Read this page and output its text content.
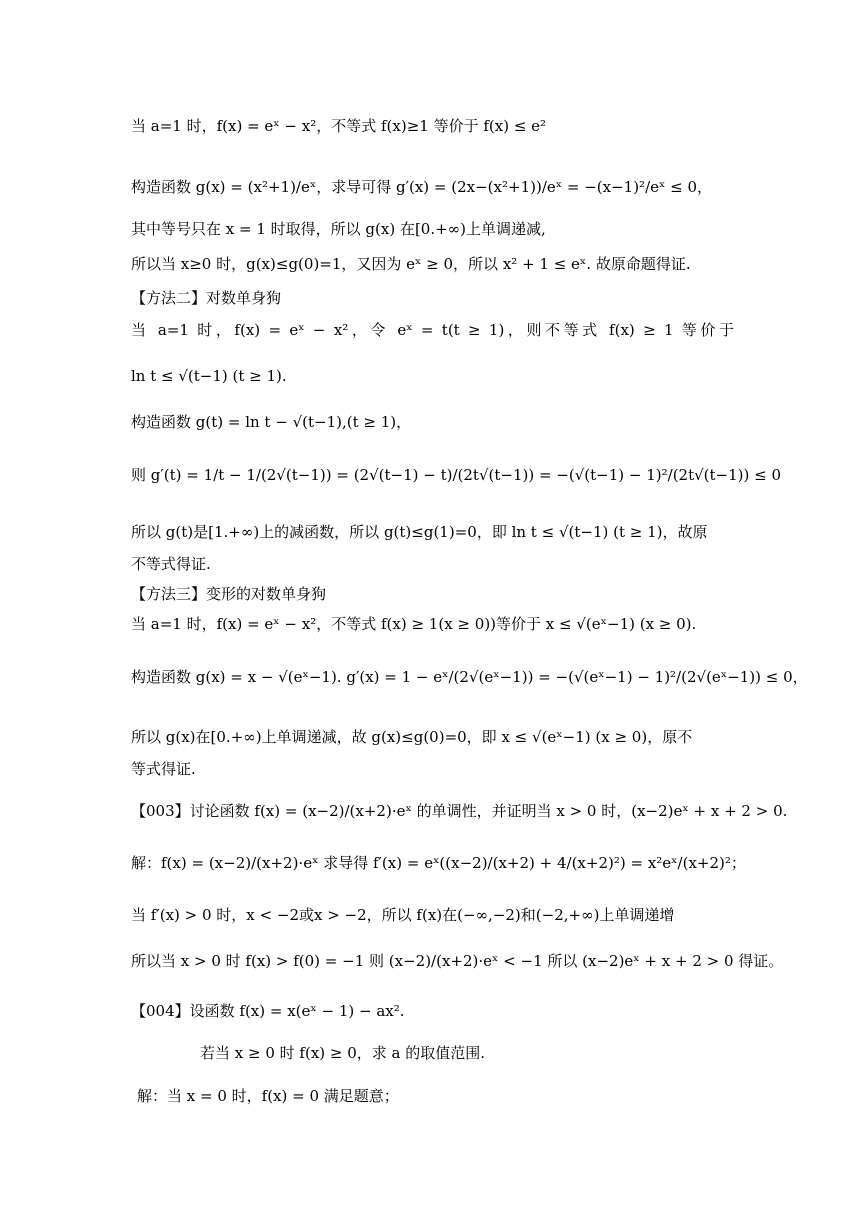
当 a=1 时，f(x) = eˣ − x²，不等式 f(x)≥1 等价于 f(x) ≤ e²
构造函数 g(x) = (x²+1)/eˣ，求导可得 g′(x) = (2x−(x²+1))/eˣ = −(x−1)²/eˣ ≤ 0，
其中等号只在 x = 1 时取得，所以 g(x) 在[0.+∞)上单调递减,
所以当 x≥0 时，g(x)≤g(0)=1，又因为 eˣ ≥ 0，所以 x² + 1 ≤ eˣ. 故原命题得证.
【方法二】对数单身狗
当 a=1 时，f(x) = eˣ − x²，令 eˣ = t(t ≥ 1)，则不等式 f(x) ≥ 1 等价于
ln t ≤ √(t−1) (t ≥ 1).
构造函数 g(t) = ln t − √(t−1),(t ≥ 1)，
则 g′(t) = 1/t − 1/(2√(t−1)) = (2√(t−1) − t)/(2t√(t−1)) = −(√(t−1) − 1)²/(2t√(t−1)) ≤ 0
所以 g(t)是[1.+∞)上的减函数，所以 g(t)≤g(1)=0，即 ln t ≤ √(t−1) (t ≥ 1)，故原
不等式得证.
【方法三】变形的对数单身狗
当 a=1 时，f(x) = eˣ − x²，不等式 f(x) ≥ 1(x ≥ 0))等价于 x ≤ √(eˣ−1) (x ≥ 0).
构造函数 g(x) = x − √(eˣ−1). g′(x) = 1 − eˣ/(2√(eˣ−1)) = −(√(eˣ−1) − 1)²/(2√(eˣ−1)) ≤ 0，
所以 g(x)在[0.+∞)上单调递减，故 g(x)≤g(0)=0，即 x ≤ √(eˣ−1) (x ≥ 0)，原不
等式得证.
【003】讨论函数 f(x) = (x−2)/(x+2)·eˣ 的单调性，并证明当 x > 0 时，(x−2)eˣ + x + 2 > 0.
解：f(x) = (x−2)/(x+2)·eˣ 求导得 f′(x) = eˣ((x−2)/(x+2) + 4/(x+2)²) = x²eˣ/(x+2)²；
当 f′(x) > 0 时，x < −2或x > −2，所以 f(x)在(−∞,−2)和(−2,+∞)上单调递增
所以当 x > 0 时 f(x) > f(0) = −1 则 (x−2)/(x+2)·eˣ < −1 所以 (x−2)eˣ + x + 2 > 0 得证。
【004】设函数 f(x) = x(eˣ − 1) − ax².
若当 x ≥ 0 时 f(x) ≥ 0，求 a 的取值范围.
解：当 x = 0 时，f(x) = 0 满足题意；
